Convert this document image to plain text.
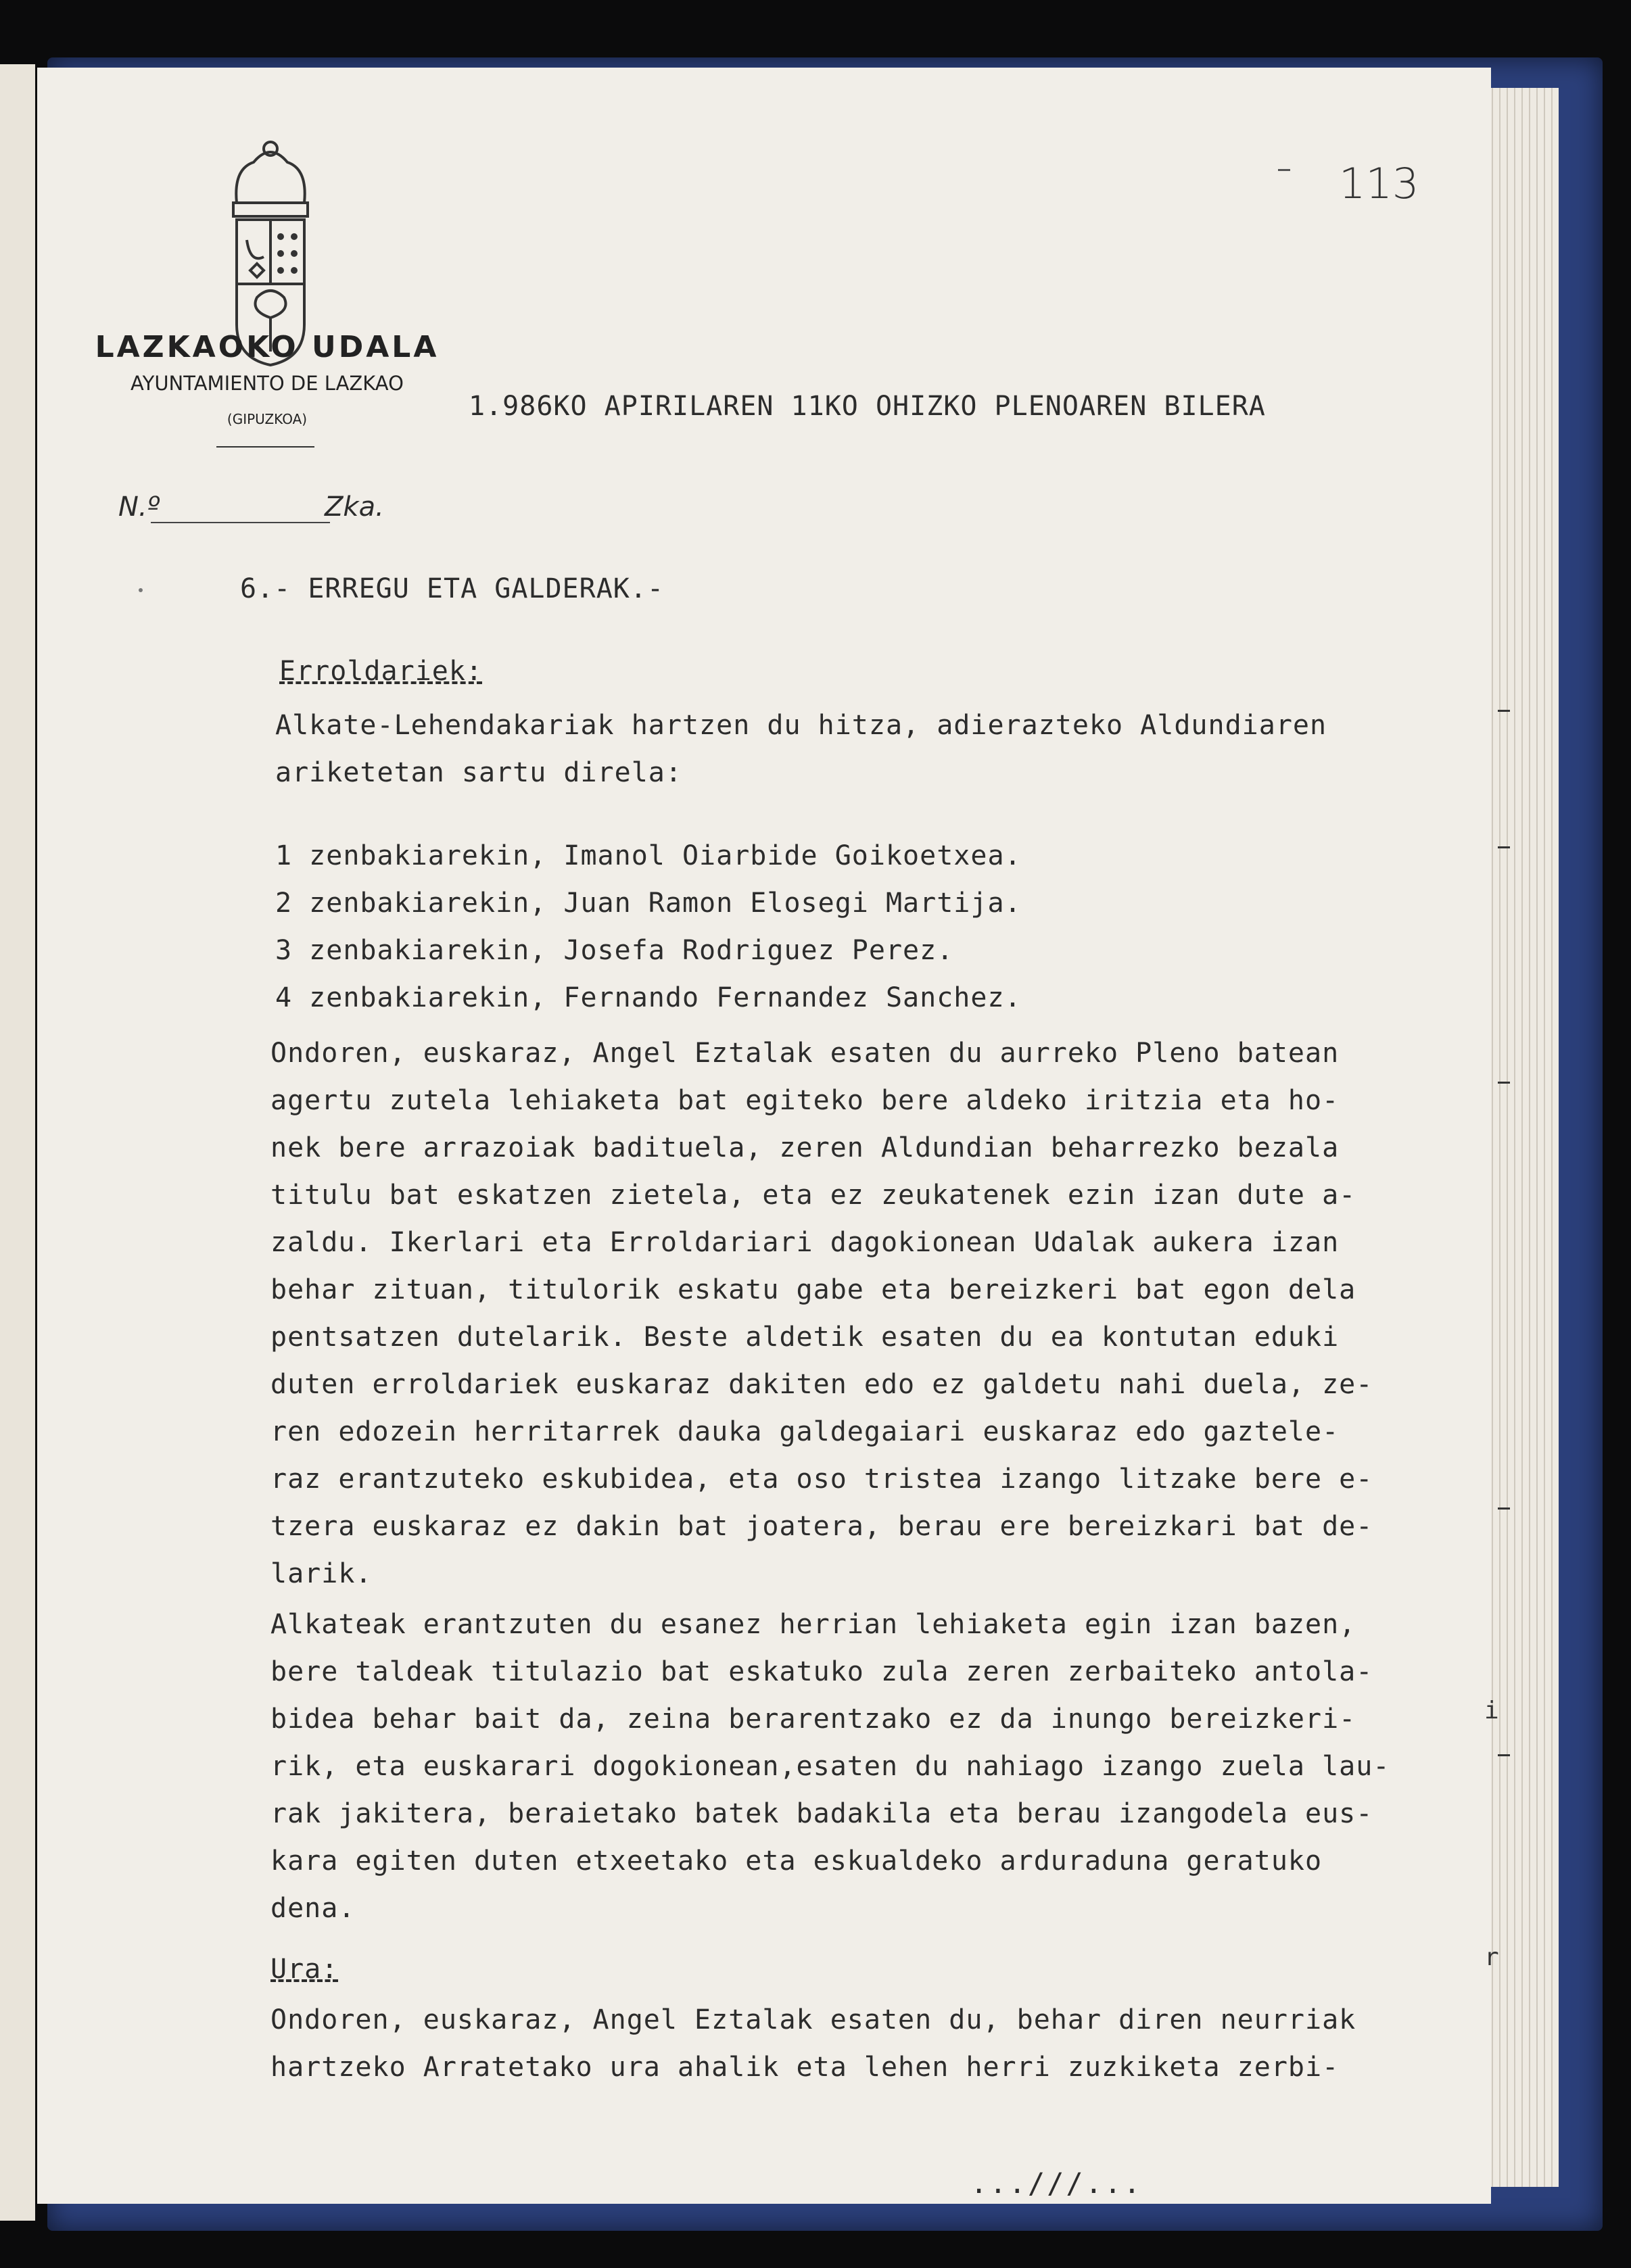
LAZKAOKO UDALA
AYUNTAMIENTO DE LAZKAO
(GIPUZKOA)
113
1.986KO APIRILAREN 11KO OHIZKO PLENOAREN BILERA
N.º	Zka.
6.- ERREGU ETA GALDERAK.-
Erroldariek:
Alkate-Lehendakariak hartzen du hitza, adierazteko Aldundiaren
ariketetan sartu direla:
1 zenbakiarekin, Imanol Oiarbide Goikoetxea.
2 zenbakiarekin, Juan Ramon Elosegi Martija.
3 zenbakiarekin, Josefa Rodriguez Perez.
4 zenbakiarekin, Fernando Fernandez Sanchez.
Ondoren, euskaraz, Angel Eztalak esaten du aurreko Pleno batean
agertu zutela lehiaketa bat egiteko bere aldeko iritzia eta ho-
nek bere arrazoiak badituela, zeren Aldundian beharrezko bezala
titulu bat eskatzen zietela, eta ez zeukatenek ezin izan dute a-
zaldu. Ikerlari eta Erroldariari dagokionean Udalak aukera izan
behar zituan, titulorik eskatu gabe eta bereizkeri bat egon dela
pentsatzen dutelarik. Beste aldetik esaten du ea kontutan eduki
duten erroldariek euskaraz dakiten edo ez galdetu nahi duela, ze-
ren edozein herritarrek dauka galdegaiari euskaraz edo gaztele-
raz erantzuteko eskubidea, eta oso tristea izango litzake bere e-
tzera euskaraz ez dakin bat joatera, berau ere bereizkari bat de-
larik.
Alkateak erantzuten du esanez herrian lehiaketa egin izan bazen,
bere taldeak titulazio bat eskatuko zula zeren zerbaiteko antola-
bidea behar bait da, zeina berarentzako ez da inungo bereizkeri-
rik, eta euskarari dogokionean,esaten du nahiago izango zuela lau-
rak jakitera, beraietako batek badakila eta berau izangodela eus-
kara egiten duten etxeetako eta eskualdeko arduraduna geratuko
dena.
Ura:
Ondoren, euskaraz, Angel Eztalak esaten du, behar diren neurriak
hartzeko Arratetako ura ahalik eta lehen herri zuzkiketa zerbi-
...///...
i
r
